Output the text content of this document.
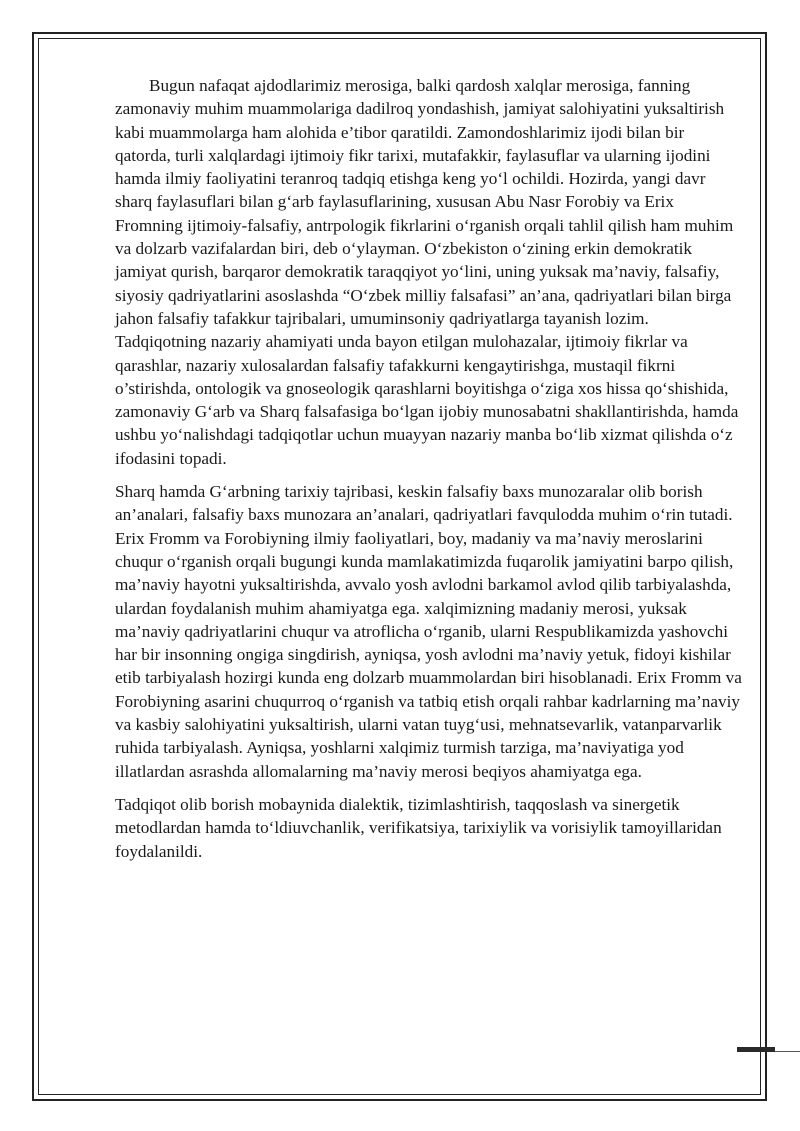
Bugun nafaqat ajdodlarimiz merosiga, balki qardosh xalqlar merosiga, fanning zamonaviy muhim muammolariga dadilroq yondashish, jamiyat salohiyatini yuksaltirish kabi muammolarga ham alohida e’tibor qaratildi. Zamondoshlarimiz ijodi bilan bir qatorda, turli xalqlardagi ijtimoiy fikr tarixi, mutafakkir, faylasuflar va ularning ijodini hamda ilmiy faoliyatini teranroq tadqiq etishga keng yo‘l ochildi. Hozirda, yangi davr sharq faylasuflari bilan g‘arb faylasuflarining, xususan Abu Nasr Forobiy va Erix Fromning ijtimoiy-falsafiy, antrpologik fikrlarini o‘rganish orqali tahlil qilish ham muhim va dolzarb vazifalardan biri, deb o‘ylayman. O‘zbekiston o‘zining erkin demokratik jamiyat qurish, barqaror demokratik taraqqiyot yo‘lini, uning yuksak ma’naviy, falsafiy, siyosiy qadriyatlarini asoslashda “O‘zbek milliy falsafasi” an’ana, qadriyatlari bilan birga jahon falsafiy tafakkur tajribalari, umuminsoniy qadriyatlarga tayanish lozim. Tadqiqotning nazariy ahamiyati unda bayon etilgan mulohazalar, ijtimoiy fikrlar va qarashlar, nazariy xulosalardan falsafiy tafakkurni kengaytirishga, mustaqil fikrni o’stirishda, ontologik va gnoseologik qarashlarni boyitishga o‘ziga xos hissa qo‘shishida, zamonaviy G‘arb va Sharq falsafasiga bo‘lgan ijobiy munosabatni shakllantirishda, hamda ushbu yo‘nalishdagi tadqiqotlar uchun muayyan nazariy manba bo‘lib xizmat qilishda o‘z ifodasini topadi.

Sharq hamda G‘arbning tarixiy tajribasi, keskin falsafiy baxs munozaralar olib borish an’analari, falsafiy baxs munozara an’analari, qadriyatlari favqulodda muhim o‘rin tutadi. Erix Fromm va Forobiyning ilmiy faoliyatlari, boy, madaniy va ma’naviy meroslarini chuqur o‘rganish orqali bugungi kunda mamlakatimizda fuqarolik jamiyatini barpo qilish, ma’naviy hayotni yuksaltirishda, avvalo yosh avlodni barkamol avlod qilib tarbiyalashda, ulardan foydalanish muhim ahamiyatga ega. xalqimizning madaniy merosi, yuksak ma’naviy qadriyatlarini chuqur va atroflicha o‘rganib, ularni Respublikamizda yashovchi har bir insonning ongiga singdirish, ayniqsa, yosh avlodni ma’naviy yetuk, fidoyi kishilar etib tarbiyalash hozirgi kunda eng dolzarb muammolardan biri hisoblanadi. Erix Fromm va Forobiyning asarini chuqurroq o‘rganish va tatbiq etish orqali rahbar kadrlarning ma’naviy va kasbiy salohiyatini yuksaltirish, ularni vatan tuyg‘usi, mehnatsevarlik, vatanparvarlik ruhida tarbiyalash. Ayniqsa, yoshlarni xalqimiz turmish tarziga, ma’naviyatiga yod illatlardan asrashda allomalarning ma’naviy merosi beqiyos ahamiyatga ega.

Tadqiqot olib borish mobaynida dialektik, tizimlashtirish, taqqoslash va sinergetik metodlardan hamda to‘ldiuvchanlik, verifikatsiya, tarixiylik va vorisiylik tamoyillaridan foydalanildi.
